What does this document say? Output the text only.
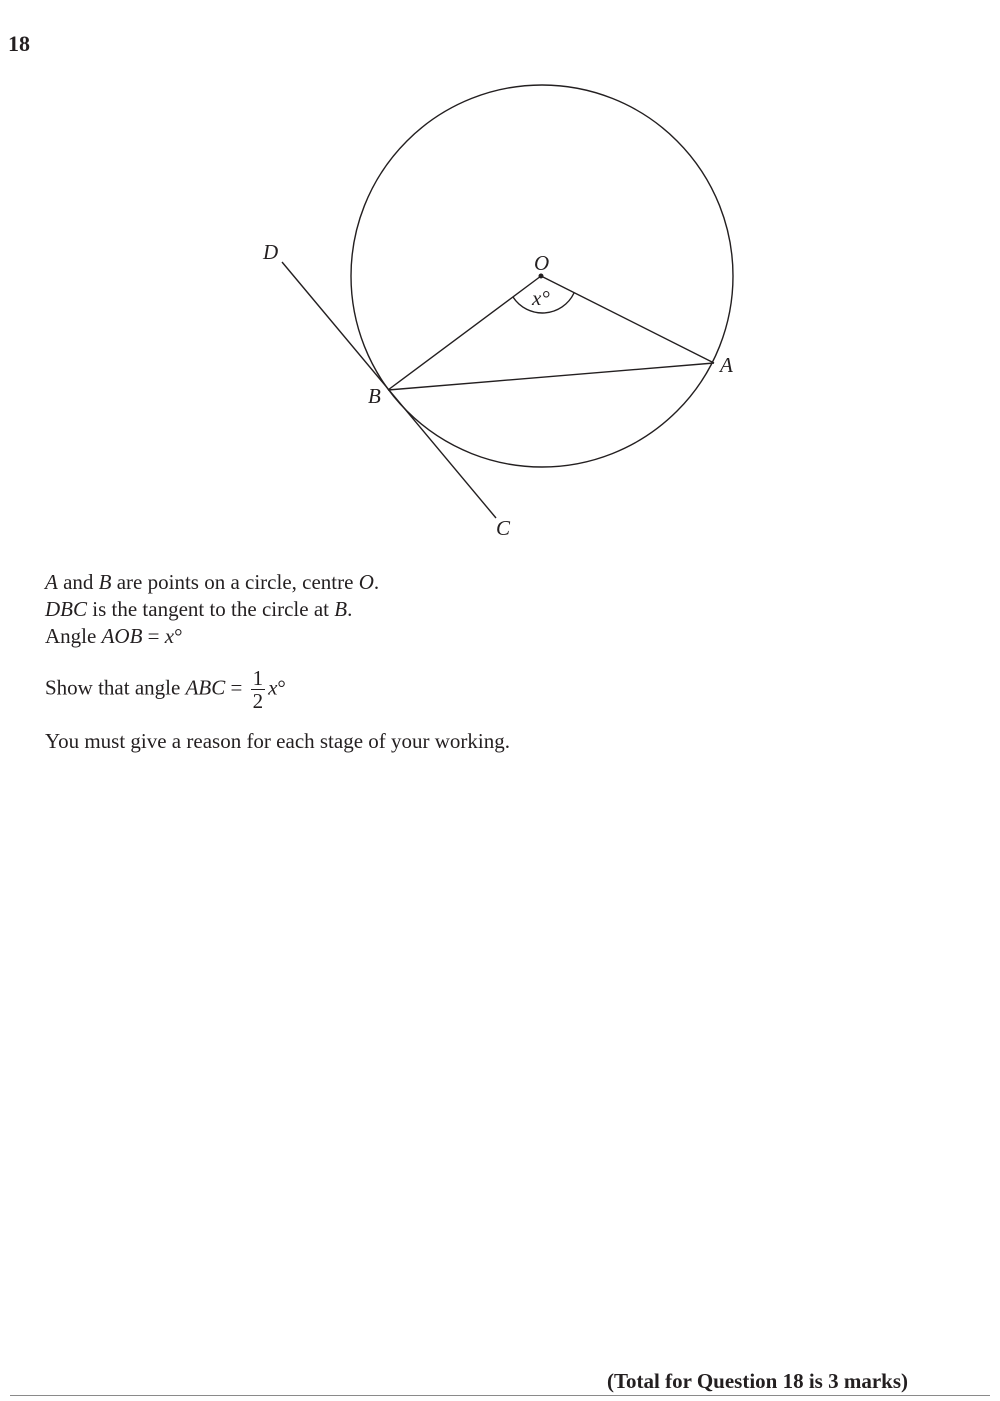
18
O
x°
A
B
C
D
A and B are points on a circle, centre O.
DBC is the tangent to the circle at B.
Angle AOB = x°
Show that angle ABC = $\frac{1}{2} x^\circ$
You must give a reason for each stage of your working.
(Total for Question 18 is 3 marks)
